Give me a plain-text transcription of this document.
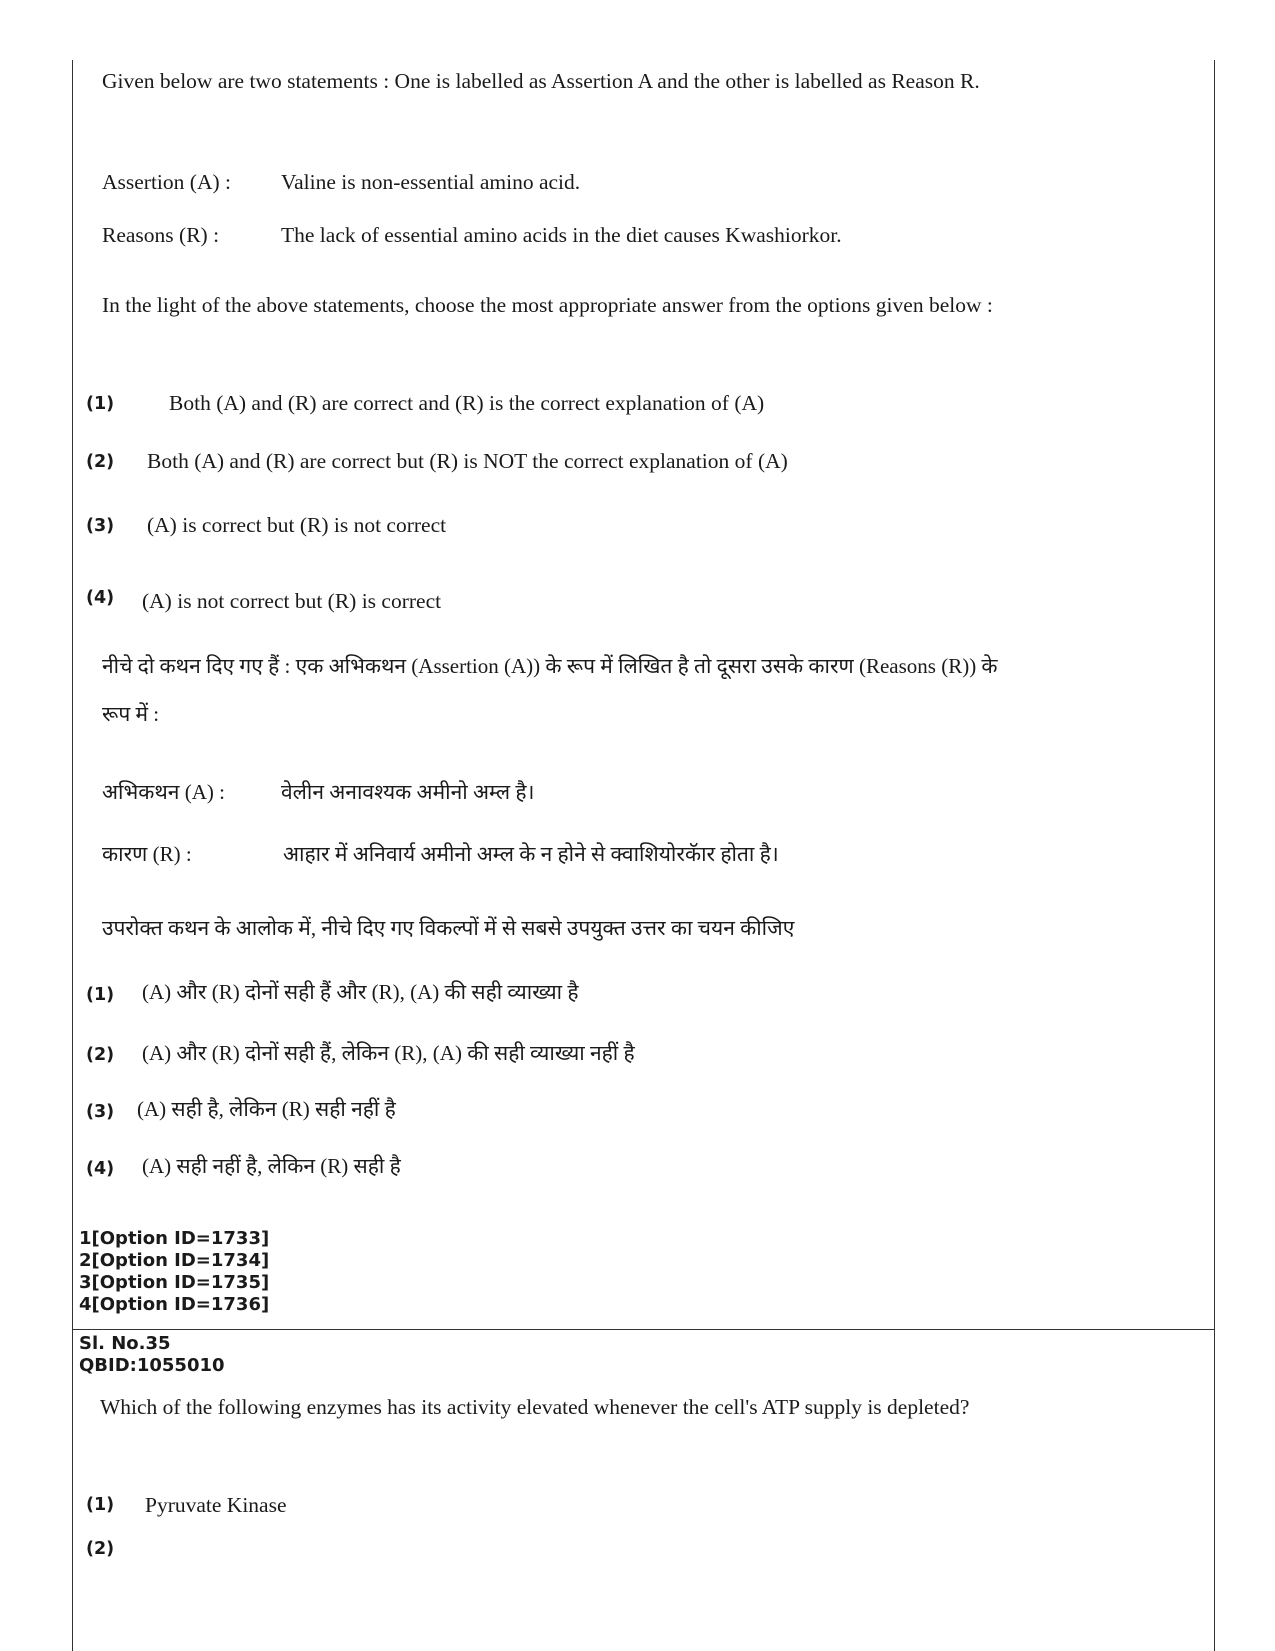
Given below are two statements : One is labelled as Assertion A and the other is labelled as Reason R.
Assertion (A) : Valine is non-essential amino acid.
Reasons (R) :	The lack of essential amino acids in the diet causes Kwashiorkor.
In the light of the above statements, choose the most appropriate answer from the options given below :
(1)	Both (A) and (R) are correct and (R) is the correct explanation of (A)
(2) Both (A) and (R) are correct but (R) is NOT the correct explanation of (A)
(3) (A) is correct but (R) is not correct
(4) (A) is not correct but (R) is correct
नीचे दो कथन दिए गए हैं : एक अभिकथन (Assertion (A)) के रूप में लिखित है तो दूसरा उसके कारण (Reasons (R)) के
रूप में :
अभिकथन (A) :	वेलीन अनावश्यक अमीनो अम्ल है।
कारण (R) :	आहार में अनिवार्य अमीनो अम्ल के न होने से क्वाशियोरकॅार होता है।
उपरोक्त कथन के आलोक में, नीचे दिए गए विकल्पों में से सबसे उपयुक्त उत्तर का चयन कीजिए
(1) (A) और (R) दोनों सही हैं और (R), (A) की सही व्याख्या है
(2) (A) और (R) दोनों सही हैं, लेकिन (R), (A) की सही व्याख्या नहीं है
(3) (A) सही है, लेकिन (R) सही नहीं है
(4) (A) सही नहीं है, लेकिन (R) सही है
1[Option ID=1733]
2[Option ID=1734]
3[Option ID=1735]
4[Option ID=1736]
Sl. No.35
QBID:1055010
Which of the following enzymes has its activity elevated whenever the cell's ATP supply is depleted?
(1) Pyruvate Kinase
(2)
